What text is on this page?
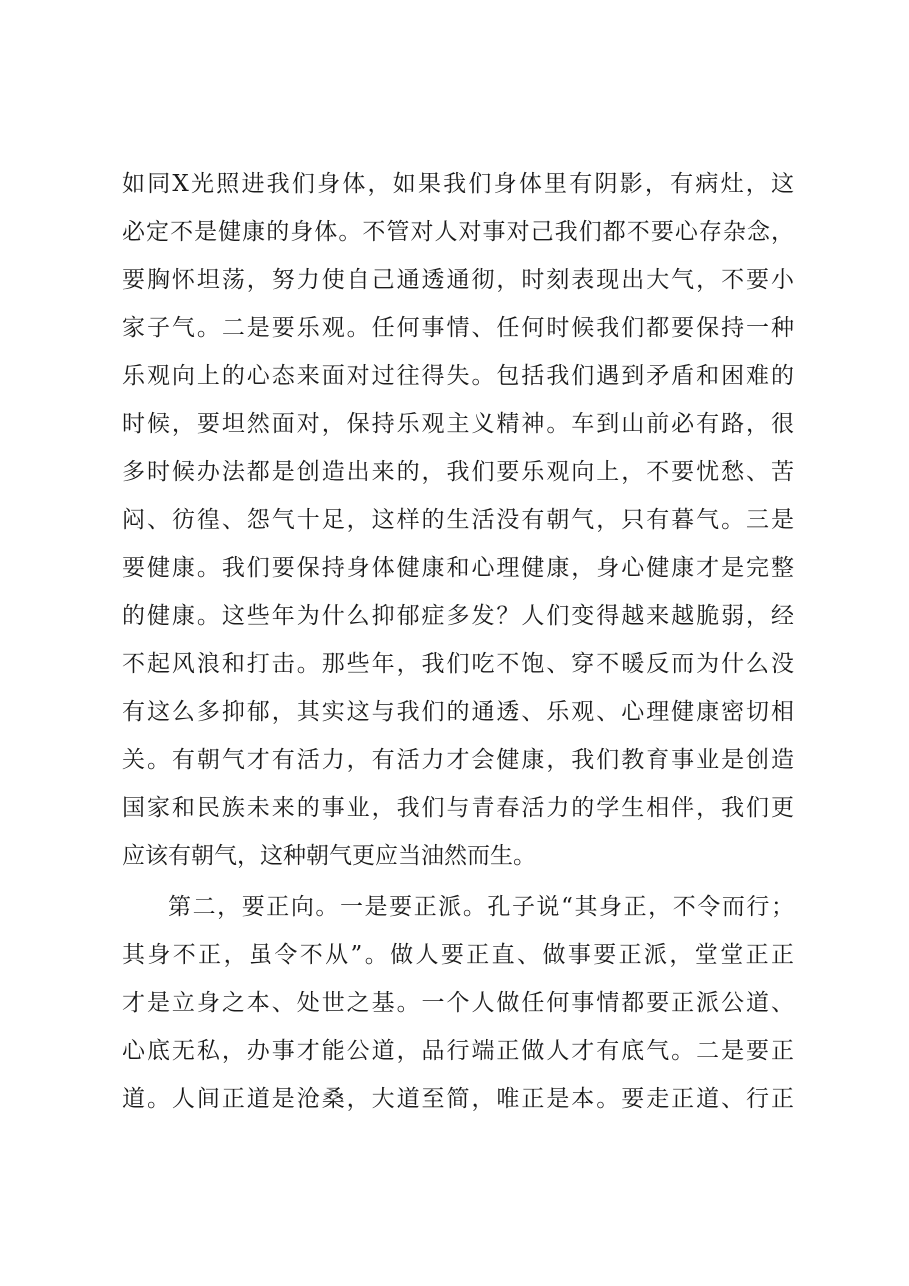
如同X光照进我们身体，如果我们身体里有阴影，有病灶，这
必定不是健康的身体。不管对人对事对己我们都不要心存杂念，
要胸怀坦荡，努力使自己通透通彻，时刻表现出大气，不要小
家子气。二是要乐观。任何事情、任何时候我们都要保持一种
乐观向上的心态来面对过往得失。包括我们遇到矛盾和困难的
时候，要坦然面对，保持乐观主义精神。车到山前必有路，很
多时候办法都是创造出来的，我们要乐观向上，不要忧愁、苦
闷、彷徨、怨气十足，这样的生活没有朝气，只有暮气。三是
要健康。我们要保持身体健康和心理健康，身心健康才是完整
的健康。这些年为什么抑郁症多发？人们变得越来越脆弱，经
不起风浪和打击。那些年，我们吃不饱、穿不暖反而为什么没
有这么多抑郁，其实这与我们的通透、乐观、心理健康密切相
关。有朝气才有活力，有活力才会健康，我们教育事业是创造
国家和民族未来的事业，我们与青春活力的学生相伴，我们更
应该有朝气，这种朝气更应当油然而生。
第二，要正向。一是要正派。孔子说“其身正，不令而行；
其身不正，虽令不从”。做人要正直、做事要正派，堂堂正正
才是立身之本、处世之基。一个人做任何事情都要正派公道、
心底无私，办事才能公道，品行端正做人才有底气。二是要正
道。人间正道是沧桑，大道至简，唯正是本。要走正道、行正
